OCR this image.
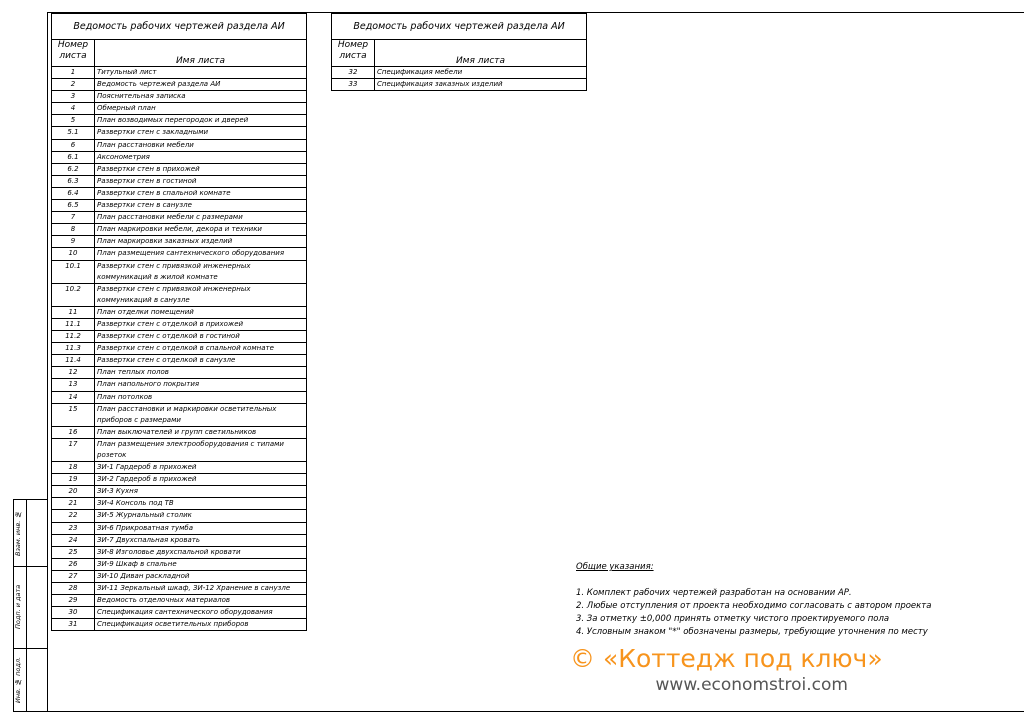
Взам. инв. №
Подп. и дата
Инв. № подл.
Ведомость рабочих чертежей раздела АИ	
Номер листа	Имя листа
1	Титульный лист
2	Ведомость чертежей раздела АИ
3	Пояснительная записка
4	Обмерный план
5	План возводимых перегородок и дверей
5.1	Развертки стен с закладными
6	План расстановки мебели
6.1	Аксонометрия
6.2	Развертки стен в прихожей
6.3	Развертки стен в гостиной
6.4	Развертки стен в спальной комнате
6.5	Развертки стен в санузле
7	План расстановки мебели с размерами
8	План маркировки мебели, декора и техники
9	План маркировки заказных изделий
10	План размещения сантехнического оборудования
10.1	Развертки стен с привязкой инженерных коммуникаций в жилой комнате
10.2	Развертки стен с привязкой инженерных коммуникаций в санузле
11	План отделки помещений
11.1	Развертки стен с отделкой в прихожей
11.2	Развертки стен с отделкой в гостиной
11.3	Развертки стен с отделкой в спальной комнате
11.4	Развертки стен с отделкой в санузле
12	План теплых полов
13	План напольного покрытия
14	План потолков
15	План расстановки и маркировки осветительных приборов с размерами
16	План выключателей и групп светильников
17	План размещения электрооборудования с типами розеток
18	ЗИ-1 Гардероб в прихожей
19	ЗИ-2 Гардероб в прихожей
20	ЗИ-3 Кухня
21	ЗИ-4 Консоль под ТВ
22	ЗИ-5 Журнальный столик
23	ЗИ-6 Прикроватная тумба
24	ЗИ-7 Двухспальная кровать
25	ЗИ-8 Изголовье двухспальной кровати
26	ЗИ-9 Шкаф в спальне
27	ЗИ-10 Диван раскладной
28	ЗИ-11 Зеркальный шкаф, ЗИ-12 Хранение в санузле
29	Ведомость отделочных материалов
30	Спецификация сантехнического оборудования
31	Спецификация осветительных приборов
Ведомость рабочих чертежей раздела АИ	
Номер листа	Имя листа
32	Спецификация мебели
33	Спецификация заказных изделий
Общие указания:
1. Комплект рабочих чертежей разработан на основании АР.
2. Любые отступления от проекта необходимо согласовать с автором проекта
3. За отметку ±0,000 принять отметку чистого проектируемого пола
4. Условным знаком "*" обозначены размеры, требующие уточнения по месту
© «Коттедж под ключ»
www.economstroi.com
